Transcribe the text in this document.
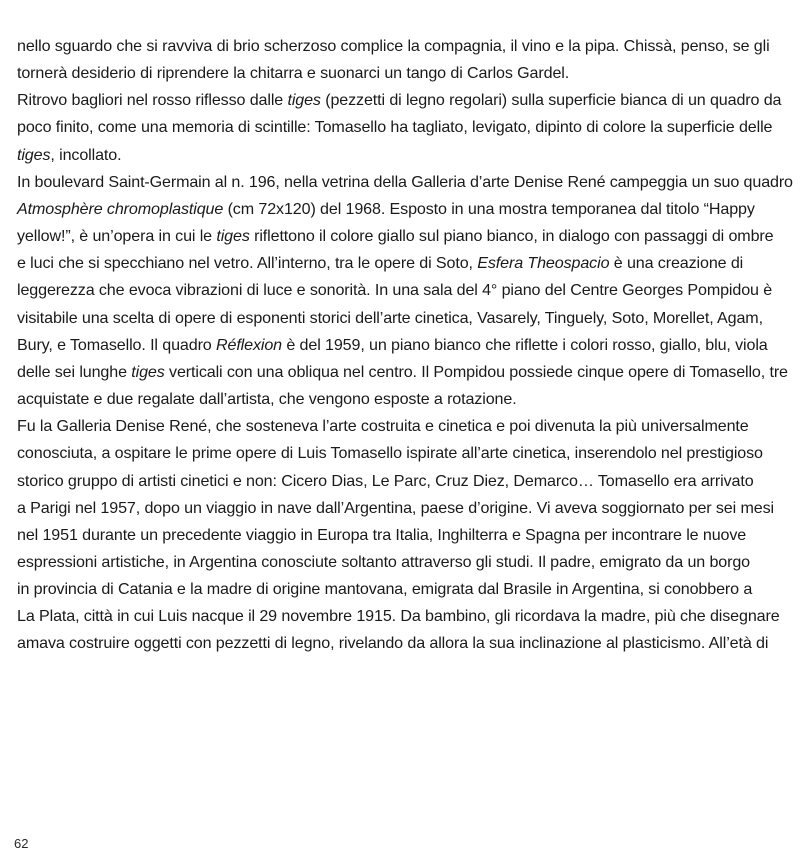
nello sguardo che si ravviva di brio scherzoso complice la compagnia, il vino e la pipa. Chissà, penso, se gli
tornerà desiderio di riprendere la chitarra e suonarci un tango di Carlos Gardel.
Ritrovo bagliori nel rosso riflesso dalle tiges (pezzetti di legno regolari) sulla superficie bianca di un quadro da
poco finito, come una memoria di scintille: Tomasello ha tagliato, levigato, dipinto di colore la superficie delle
tiges, incollato.
In boulevard Saint-Germain al n. 196, nella vetrina della Galleria d’arte Denise René campeggia un suo quadro
Atmosphère chromoplastique (cm 72x120) del 1968. Esposto in una mostra temporanea dal titolo “Happy
yellow!”, è un’opera in cui le tiges riflettono il colore giallo sul piano bianco, in dialogo con passaggi di ombre
e luci che si specchiano nel vetro. All’interno, tra le opere di Soto, Esfera Theospacio è una creazione di
leggerezza che evoca vibrazioni di luce e sonorità. In una sala del 4° piano del Centre Georges Pompidou è
visitabile una scelta di opere di esponenti storici dell’arte cinetica, Vasarely, Tinguely, Soto, Morellet, Agam,
Bury, e Tomasello. Il quadro Réflexion è del 1959, un piano bianco che riflette i colori rosso, giallo, blu, viola
delle sei lunghe tiges verticali con una obliqua nel centro. Il Pompidou possiede cinque opere di Tomasello, tre
acquistate e due regalate dall’artista, che vengono esposte a rotazione.
Fu la Galleria Denise René, che sosteneva l’arte costruita e cinetica e poi divenuta la più universalmente
conosciuta, a ospitare le prime opere di Luis Tomasello ispirate all’arte cinetica, inserendolo nel prestigioso
storico gruppo di artisti cinetici e non: Cicero Dias, Le Parc, Cruz Diez, Demarco… Tomasello era arrivato
a Parigi nel 1957, dopo un viaggio in nave dall’Argentina, paese d’origine. Vi aveva soggiornato per sei mesi
nel 1951 durante un precedente viaggio in Europa tra Italia, Inghilterra e Spagna per incontrare le nuove
espressioni artistiche, in Argentina conosciute soltanto attraverso gli studi. Il padre, emigrato da un borgo
in provincia di Catania e la madre di origine mantovana, emigrata dal Brasile in Argentina, si conobbero a
La Plata, città in cui Luis nacque il 29 novembre 1915. Da bambino, gli ricordava la madre, più che disegnare
amava costruire oggetti con pezzetti di legno, rivelando da allora la sua inclinazione al plasticismo. All’età di
62
